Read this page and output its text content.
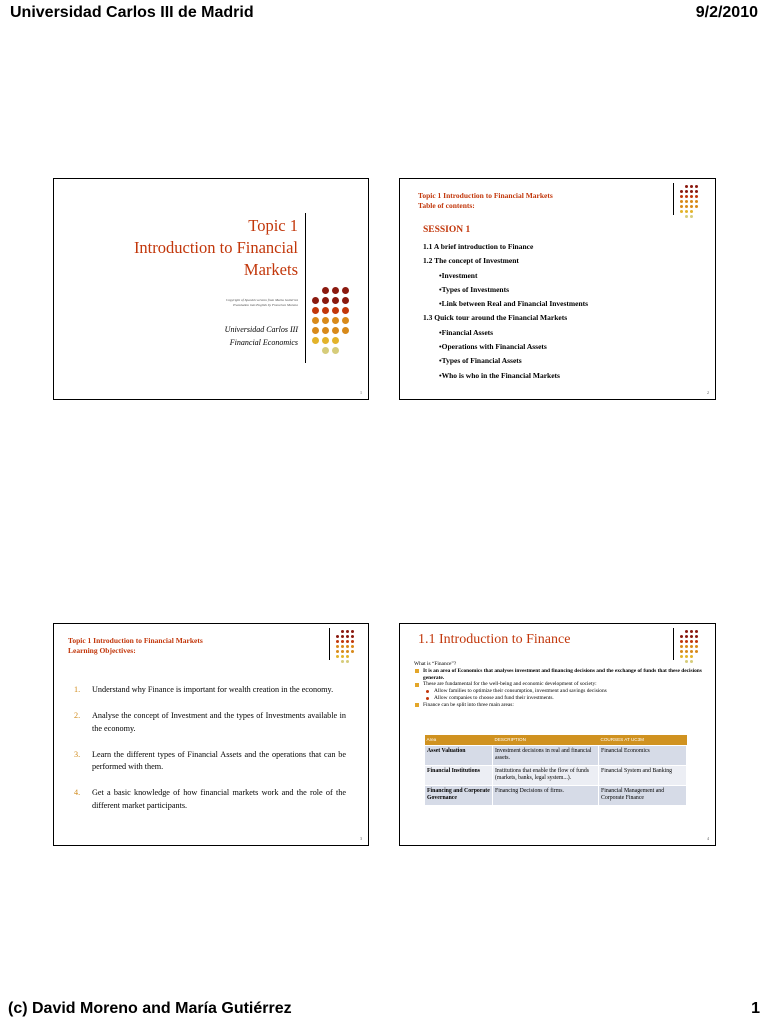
Universidad Carlos III de Madrid	9/2/2010
Topic 1
Introduction to Financial
Markets
Copyright of Spanish version from María Gutiérrez
Translation into English by Francisco Moreno
Universidad Carlos III
Financial Economics
1
Topic 1 Introduction to Financial Markets
Table of contents:
SESSION 1
1.1 A brief introduction to Finance
1.2 The concept of Investment
•Investment
•Types of Investments
•Link between Real and Financial Investments
1.3 Quick tour around the Financial Markets
•Financial Assets
•Operations with Financial Assets
•Types of Financial Assets
•Who is who in the Financial Markets
2
Topic 1 Introduction to Financial Markets
Learning Objectives:
1. Understand why Finance is important for wealth creation in the economy.
2. Analyse the concept of Investment and the types of Investments available in the economy.
3. Learn the different types of Financial Assets and the operations that can be performed with them.
4. Get a basic knowledge of how financial markets work and the role of the different market participants.
3
1.1 Introduction to Finance
What is “Finance”?
It is an area of Economics that analyses investment and financing decisions and the exchange of funds that these decisions generate.
These are fundamental for the well-being and economic development of society:
Allow families to optimize their consumption, investment and savings decisions
Allow companies to choose and fund their investments.
Finance can be split into three main areas:
Area	DESCRIPTION	COURSES AT UC3M
Asset Valuation	Investment decisions in real and financial assets.	Financial Economics
Financial Institutions	Institutions that enable the flow of funds (markets, banks, legal system...).	Financial System and Banking
Financing and Corporate Governance	Financing Decisions of firms.	Financial Management and Corporate Finance
4
(c) David Moreno and María Gutiérrez	1
